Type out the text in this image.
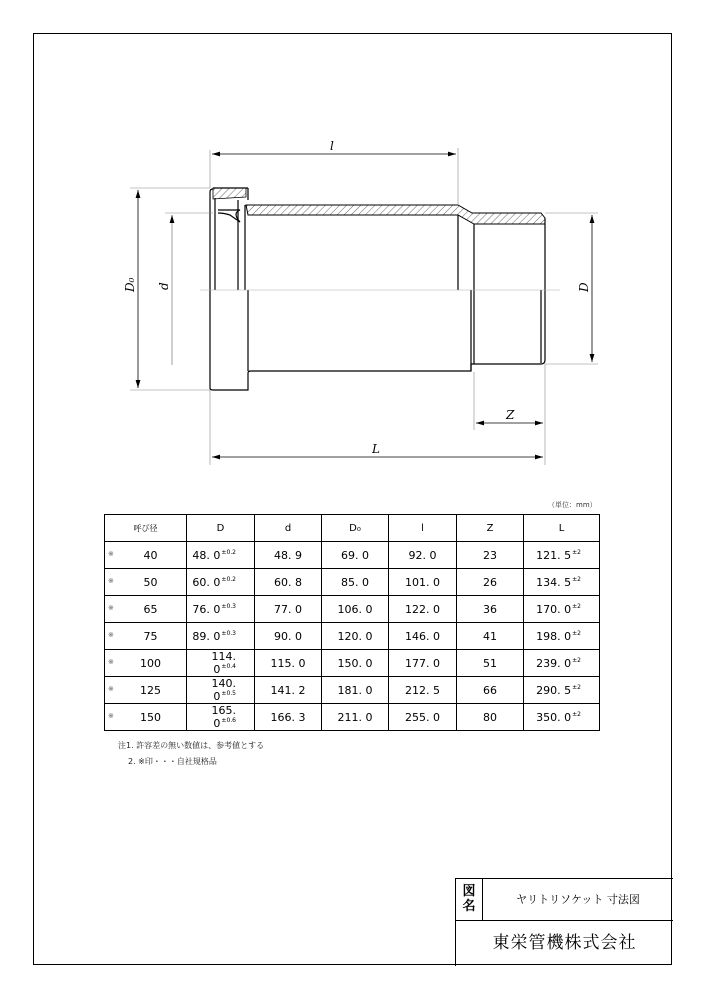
l
L
Z
D₀ d	D
（単位：mm）
呼び径	D	d	D₀	l	Z	L

※ 40	48. $0^{\pm 0.2}$	48. 9	69. 0	92. 0	23	121. $5^{\pm 2}$

※ 50	60. $0^{\pm 0.2}$	60. 8	85. 0	101. 0	26	134. $5^{\pm 2}$

※ 65	76. $0^{\pm 0.3}$	77. 0	106. 0	122. 0	36	170. $0^{\pm 2}$

※ 75	89. $0^{\pm 0.3}$	90. 0	120. 0	146. 0	41	198. $0^{\pm 2}$

※ 100	114. $0^{\pm 0.4}$	115. 0	150. 0	177. 0	51	239. $0^{\pm 2}$

※ 125	140. $0^{\pm 0.5}$	141. 2	181. 0	212. 5	66	290. $5^{\pm 2}$

※ 150	165. $0^{\pm 0.6}$	166. 3	211. 0	255. 0	80	350. $0^{\pm 2}$
注1. 許容差の無い数値は、参考値とする
2. ※印・・・自社規格品
図
名	ヤリトリソケット 寸法図
東栄管機株式会社
